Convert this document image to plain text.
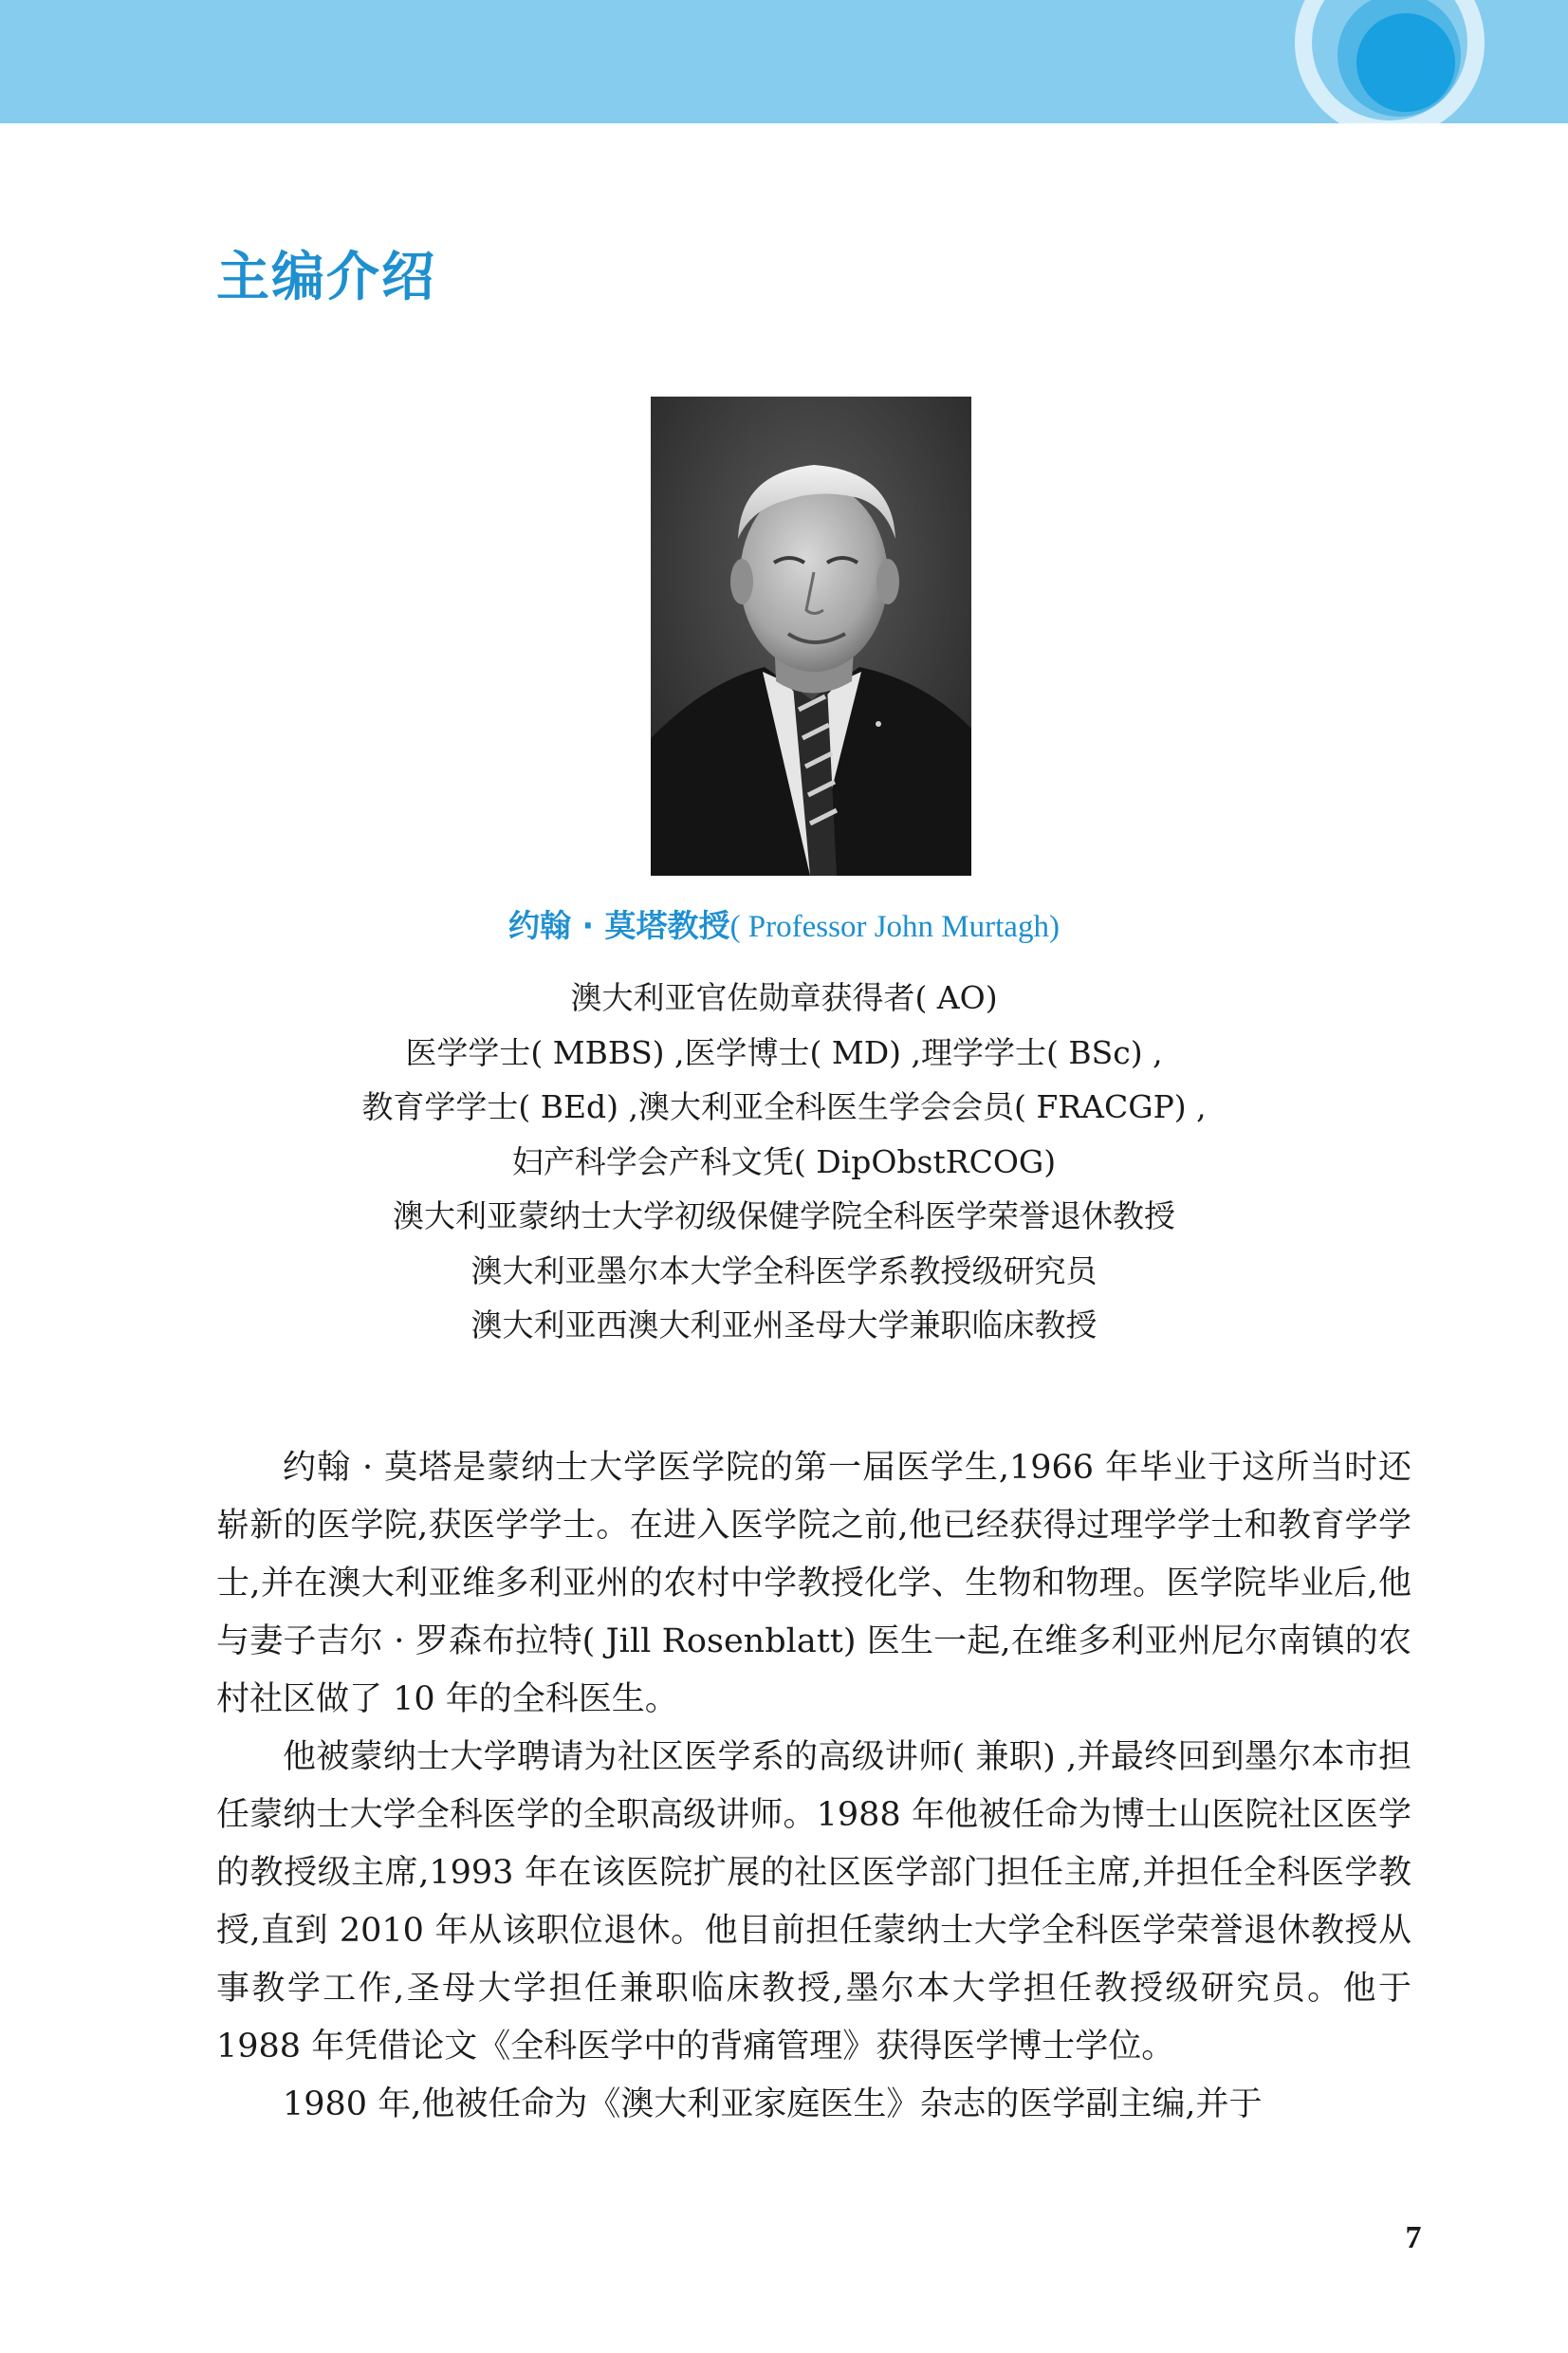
主编介绍

约翰 · 莫塔教授( Professor John Murtagh)

澳大利亚官佐勋章获得者( AO)
医学学士( MBBS) ,医学博士( MD) ,理学学士( BSc) ,
教育学学士( BEd) ,澳大利亚全科医生学会会员( FRACGP) ,
妇产科学会产科文凭( DipObstRCOG)
澳大利亚蒙纳士大学初级保健学院全科医学荣誉退休教授
澳大利亚墨尔本大学全科医学系教授级研究员
澳大利亚西澳大利亚州圣母大学兼职临床教授

约翰 · 莫塔是蒙纳士大学医学院的第一届医学生,1966 年毕业于这所当时还崭新的医学院,获医学学士。在进入医学院之前,他已经获得过理学学士和教育学学士,并在澳大利亚维多利亚州的农村中学教授化学、生物和物理。医学院毕业后,他与妻子吉尔 · 罗森布拉特( Jill Rosenblatt) 医生一起,在维多利亚州尼尔南镇的农村社区做了 10 年的全科医生。

他被蒙纳士大学聘请为社区医学系的高级讲师( 兼职) ,并最终回到墨尔本市担任蒙纳士大学全科医学的全职高级讲师。1988 年他被任命为博士山医院社区医学的教授级主席,1993 年在该医院扩展的社区医学部门担任主席,并担任全科医学教授,直到 2010 年从该职位退休。他目前担任蒙纳士大学全科医学荣誉退休教授从事教学工作,圣母大学担任兼职临床教授,墨尔本大学担任教授级研究员。他于 1988 年凭借论文《全科医学中的背痛管理》获得医学博士学位。

1980 年,他被任命为《澳大利亚家庭医生》杂志的医学副主编,并于

7
